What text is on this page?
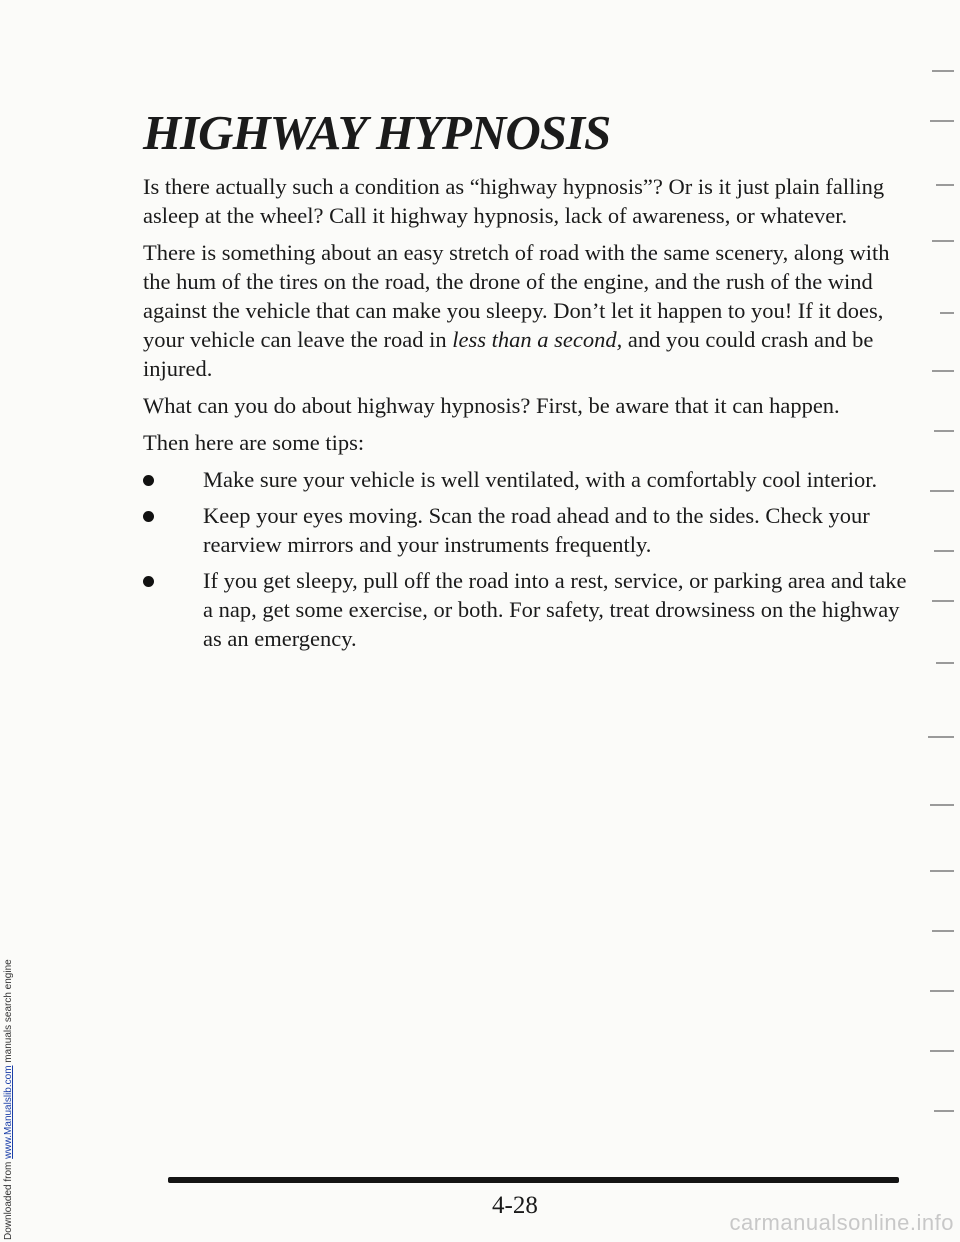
Downloaded from www.Manualslib.com manuals search engine
HIGHWAY HYPNOSIS

Is there actually such a condition as “highway hypnosis”? Or is it just plain falling asleep at the wheel? Call it highway hypnosis, lack of awareness, or whatever.

There is something about an easy stretch of road with the same scenery, along with the hum of the tires on the road, the drone of the engine, and the rush of the wind against the vehicle that can make you sleepy. Don’t let it happen to you! If it does, your vehicle can leave the road in less than a second, and you could crash and be injured.

What can you do about highway hypnosis? First, be aware that it can happen.

Then here are some tips:

Make sure your vehicle is well ventilated, with a comfortably cool interior.
Keep your eyes moving. Scan the road ahead and to the sides. Check your rearview mirrors and your instruments frequently.
If you get sleepy, pull off the road into a rest, service, or parking area and take a nap, get some exercise, or both. For safety, treat drowsiness on the highway as an emergency.
4-28
carmanualsonline.info
